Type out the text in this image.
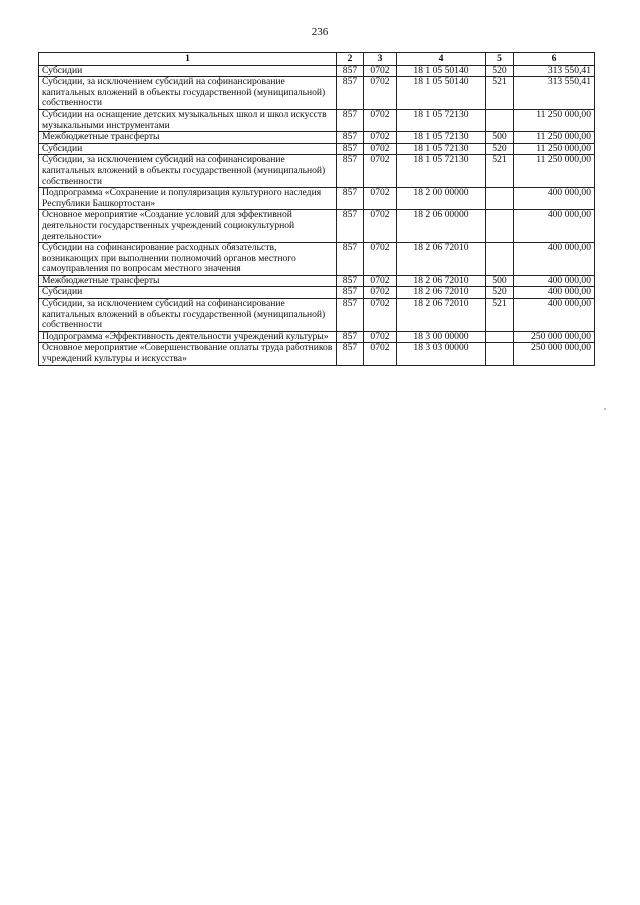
236
1	2	3	4	5	6
Субсидии	857	0702	18 1 05 50140	520	313 550,41
Субсидии, за исключением субсидий на софинансирование капитальных вложений в объекты государственной (муниципальной) собственности	857	0702	18 1 05 50140	521	313 550,41
Субсидии на оснащение детских музыкальных школ и школ искусств музыкальными инструментами	857	0702	18 1 05 72130		11 250 000,00
Межбюджетные трансферты	857	0702	18 1 05 72130	500	11 250 000,00
Субсидии	857	0702	18 1 05 72130	520	11 250 000,00
Субсидии, за исключением субсидий на софинансирование капитальных вложений в объекты государственной (муниципальной) собственности	857	0702	18 1 05 72130	521	11 250 000,00
Подпрограмма «Сохранение и популяризация культурного наследия Республики Башкортостан»	857	0702	18 2 00 00000		400 000,00
Основное мероприятие «Создание условий для эффективной деятельности государственных учреждений социокультурной деятельности»	857	0702	18 2 06 00000		400 000,00
Субсидии на софинансирование расходных обязательств, возникающих при выполнении полномочий органов местного самоуправления по вопросам местного значения	857	0702	18 2 06 72010		400 000,00
Межбюджетные трансферты	857	0702	18 2 06 72010	500	400 000,00
Субсидии	857	0702	18 2 06 72010	520	400 000,00
Субсидии, за исключением субсидий на софинансирование капитальных вложений в объекты государственной (муниципальной) собственности	857	0702	18 2 06 72010	521	400 000,00
Подпрограмма «Эффективность деятельности учреждений культуры»	857	0702	18 3 00 00000		250 000 000,00
Основное мероприятие «Совершенствование оплаты труда работников учреждений культуры и искусства»	857	0702	18 3 03 00000		250 000 000,00
